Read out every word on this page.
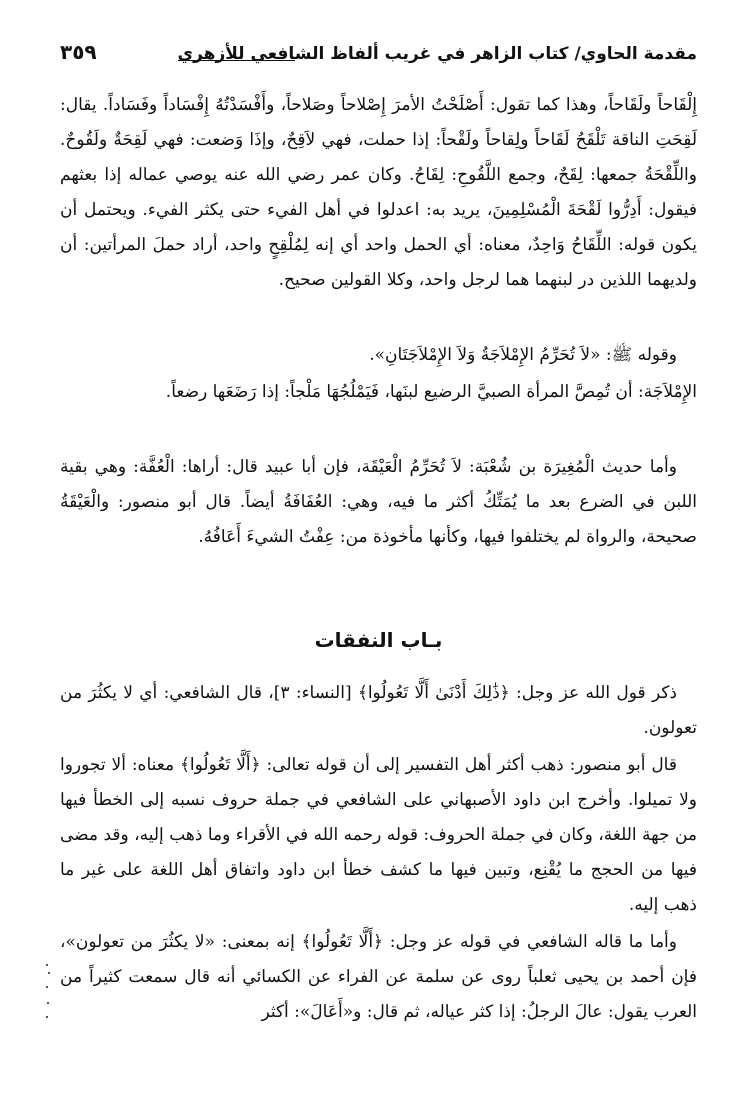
مقدمة الحاوي/ كتاب الزاهر في غريب ألفاظ الشافعي للأزهري
٣٥٩

إِلْقَاحاً ولَقَاحاً، وهذا كما تقول: أَصْلَحْتُ الأمرَ إِصْلاحاً وصَلاحاً، وأَفْسَدْتُهُ إِفْسَاداً وفَسَاداً. يقال: لَقِحَتِ الناقة تَلْقَحُ لَقَاحاً ولِقاحاً ولَقْحاً: إذا حملت، فهي لاَقِحٌ، وإذَا وَضعت: فهي لَقِحَةٌ ولَقُوحٌ. واللِّقْحَةُ جمعها: لِقَحٌ، وجمع اللَّقُوحِ: لِقَاحُ. وكان عمر رضي الله عنه يوصي عماله إذا بعثهم فيقول: أَدِرُّوا لَقْحَةَ الْمُسْلِمِينَ، يريد به: اعدلوا في أهل الفيء حتى يكثر الفيء. ويحتمل أن يكون قوله: اللِّقَاحُ وَاحِدٌ، معناه: أي الحمل واحد أي إنه لِمُلْقِحٍ واحد، أراد حملَ المرأتين: أن ولديهما اللذين در لبنهما هما لرجل واحد، وكلا القولين صحيح.

وقوله ﷺ: «لاَ تُحَرِّمُ الإِمْلاَجَةُ وَلاَ الإِمْلاَجَتَانِ».

الإِمْلاَجَة: أن تُمِصَّ المرأة الصبيَّ الرضيع لبنَها، فَيَمْلُجُهَا مَلْجاً: إذا رَضَعَها رضعاً.

وأما حديث الْمُغِيرَة بن شُعْبَة: لاَ تُحَرِّمُ الْعَيْقَة، فإن أبا عبيد قال: أراها: الْعُفَّة: وهي بقية اللبن في الضرع بعد ما يُمَتِّكُ أكثر ما فيه، وهي: العُفَافَةُ أيضاً. قال أبو منصور: والْعَيْقَةُ صحيحة، والرواة لم يختلفوا فيها، وكأنها مأخوذة من: عِفْتُ الشيءَ أَعَافُهُ.

بـاب النفقات

ذكر قول الله عز وجل: ﴿ذَٰلِكَ أَدْنَىٰ أَلَّا تَعُولُوا﴾ [النساء: ٣]، قال الشافعي: أي لا يكثُرَ من تعولون.

قال أبو منصور: ذهب أكثر أهل التفسير إلى أن قوله تعالى: ﴿أَلَّا تَعُولُوا﴾ معناه: ألا تجوروا ولا تميلوا. وأخرج ابن داود الأصبهاني على الشافعي في جملة حروف نسبه إلى الخطأ فيها من جهة اللغة، وكان في جملة الحروف: قوله رحمه الله في الأقراء وما ذهب إليه، وقد مضى فيها من الحجج ما يُقْنِع، وتبين فيها ما كشف خطأ ابن داود واتفاق أهل اللغة على غير ما ذهب إليه.

وأما ما قاله الشافعي في قوله عز وجل: ﴿أَلَّا تَعُولُوا﴾ إنه بمعنى: «لا يكثُرَ من تعولون»، فإن أحمد بن يحيى ثعلباً روى عن سلمة عن الفراء عن الكسائي أنه قال سمعت كثيراً من العرب يقول: عالَ الرجلُ: إذا كثر عياله، ثم قال: و«أَعَالَ»: أكثر
